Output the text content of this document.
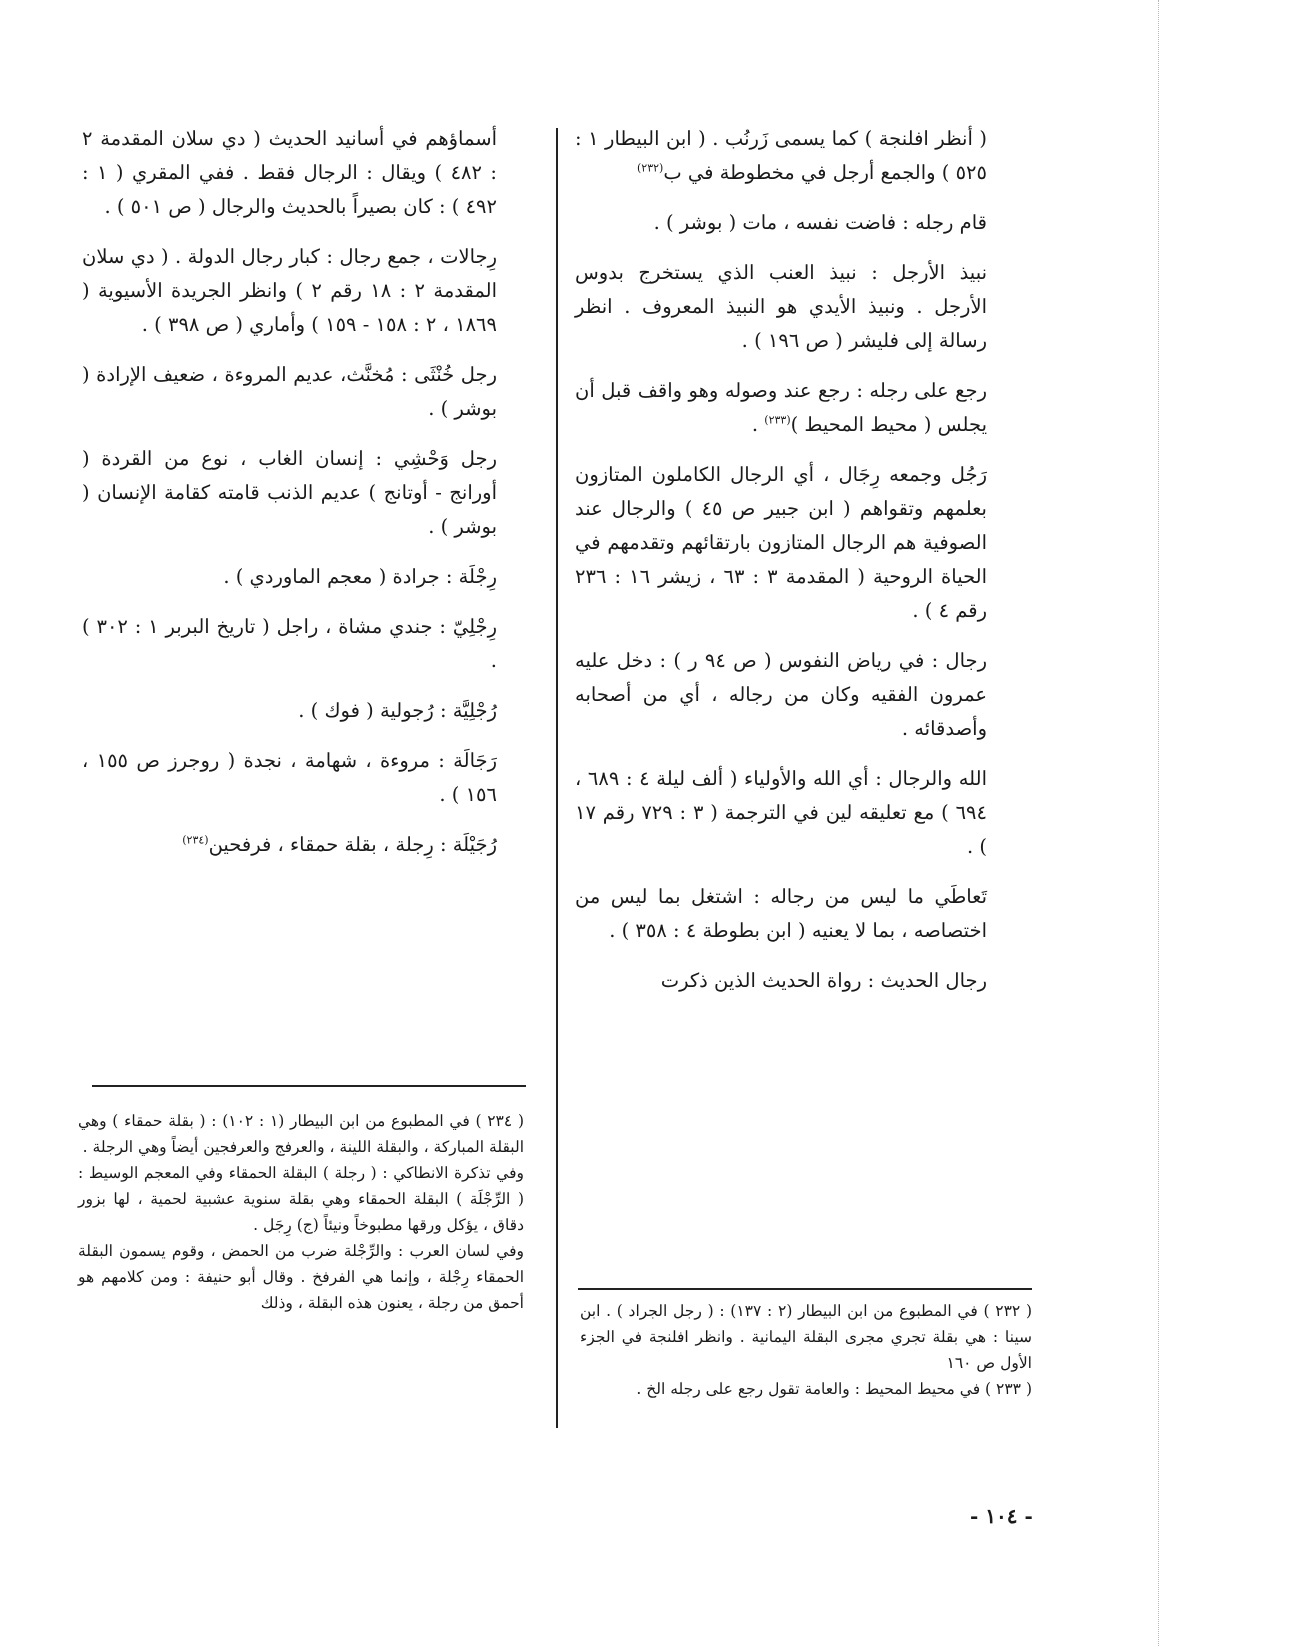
( أنظر افلنجة ) كما يسمى زَرنُب . ( ابن البيطار ١ : ٥٢٥ ) والجمع أرجل في مخطوطة في ب$^{(٢٣٢)}$

قام رجله : فاضت نفسه ، مات ( بوشر ) .

نبيذ الأرجل : نبيذ العنب الذي يستخرج بدوس الأرجل . ونبيذ الأيدي هو النبيذ المعروف . انظر رسالة إلى فليشر ( ص ١٩٦ ) .

رجع على رجله : رجع عند وصوله وهو واقف قبل أن يجلس ( محيط المحيط )$^{(٢٣٣)}$ .

رَجُل وجمعه رِجَال ، أي الرجال الكاملون المتازون بعلمهم وتقواهم ( ابن جبير ص ٤٥ ) والرجال عند الصوفية هم الرجال المتازون بارتقائهم وتقدمهم في الحياة الروحية ( المقدمة ٣ : ٦٣ ، زيشر ١٦ : ٢٣٦ رقم ٤ ) .

رجال : في رياض النفوس ( ص ٩٤ ر ) : دخل عليه عمرون الفقيه وكان من رجاله ، أي من أصحابه وأصدقائه .

الله والرجال : أي الله والأولياء ( ألف ليلة ٤ : ٦٨٩ ، ٦٩٤ ) مع تعليقه لين في الترجمة ( ٣ : ٧٢٩ رقم ١٧ ) .

تَعاطَي ما ليس من رجاله : اشتغل بما ليس من اختصاصه ، بما لا يعنيه ( ابن بطوطة ٤ : ٣٥٨ ) .

رجال الحديث : رواة الحديث الذين ذكرت

أسماؤهم في أسانيد الحديث ( دي سلان المقدمة ٢ : ٤٨٢ ) ويقال : الرجال فقط . ففي المقري ( ١ : ٤٩٢ ) : كان بصيراً بالحديث والرجال ( ص ٥٠١ ) .

رِجالات ، جمع رجال : كبار رجال الدولة . ( دي سلان المقدمة ٢ : ١٨ رقم ٢ ) وانظر الجريدة الأسيوية ( ١٨٦٩ ، ٢ : ١٥٨ - ١٥٩ ) وأماري ( ص ٣٩٨ ) .

رجل خُنْثَى : مُخنَّث، عديم المروءة ، ضعيف الإرادة ( بوشر ) .

رجل وَحْشِي : إنسان الغاب ، نوع من القردة ( أورانج - أوتانج ) عديم الذنب قامته كقامة الإنسان ( بوشر ) .

رِجْلَة : جرادة ( معجم الماوردي ) .

رِجْلِيّ : جندي مشاة ، راجل ( تاريخ البربر ١ : ٣٠٢ ) .

رُجْلِيَّة : رُجولية ( فوك ) .

رَجَالَة : مروءة ، شهامة ، نجدة ( روجرز ص ١٥٥ ، ١٥٦ ) .

رُجَيْلَة : رِجلة ، بقلة حمقاء ، فرفحين$^{(٢٣٤)}$

( ٢٣٢ ) في المطبوع من ابن البيطار (٢ : ١٣٧) : ( رجل الجراد ) . ابن سينا : هي بقلة تجري مجرى البقلة اليمانية . وانظر افلنجة في الجزء الأول ص ١٦٠

( ٢٣٣ ) في محيط المحيط : والعامة تقول رجع على رجله الخ .

( ٢٣٤ ) في المطبوع من ابن البيطار (١ : ١٠٢) : ( بقلة حمقاء ) وهي البقلة المباركة ، والبقلة اللينة ، والعرفج والعرفجين أيضاً وهي الرجلة .

وفي تذكرة الانطاكي : ( رجلة ) البقلة الحمقاء وفي المعجم الوسيط : ( الرِّجْلَة ) البقلة الحمقاء وهي بقلة سنوية عشبية لحمية ، لها بزور دقاق ، يؤكل ورقها مطبوخاً ونيئاً (ج) رِجَل .

وفي لسان العرب : والرِّجْلة ضرب من الحمض ، وقوم يسمون البقلة الحمقاء رِجْلة ، وإنما هي الفرفخ . وقال أبو حنيفة : ومن كلامهم هو أحمق من رجلة ، يعنون هذه البقلة ، وذلك

- ١٠٤ -
